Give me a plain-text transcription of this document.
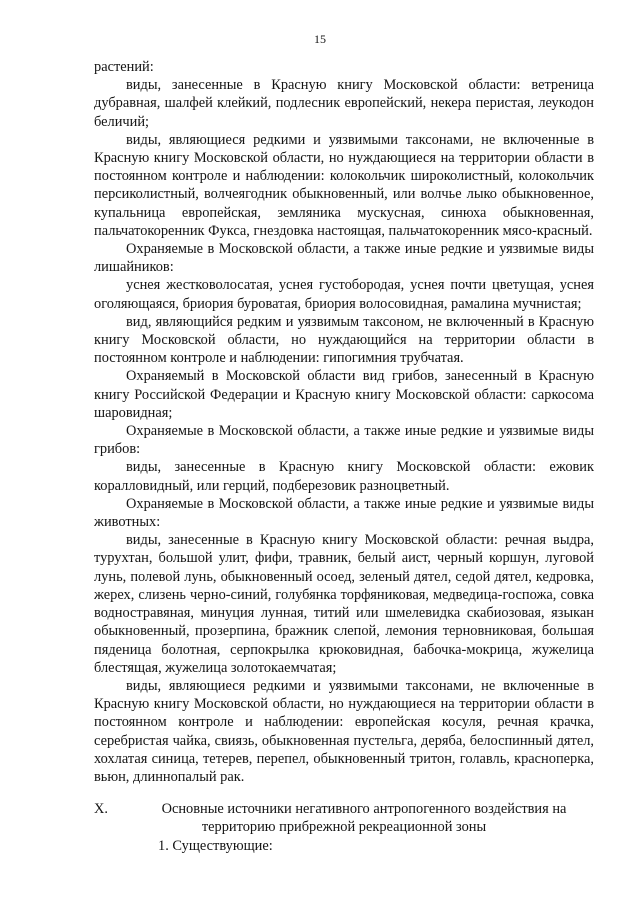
15

растений:

виды, занесенные в Красную книгу Московской области: ветреница дубравная, шалфей клейкий, подлесник европейский, некера перистая, леукодон беличий;

виды, являющиеся редкими и уязвимыми таксонами, не включенные в Красную книгу Московской области, но нуждающиеся на территории области в постоянном контроле и наблюдении: колокольчик широколистный, колокольчик персиколистный, волчеягодник обыкновенный, или волчье лыко обыкновенное, купальница европейская, земляника мускусная, синюха обыкновенная, пальчатокоренник Фукса, гнездовка настоящая, пальчатокоренник мясо-красный.

Охраняемые в Московской области, а также иные редкие и уязвимые виды лишайников:

уснея жестковолосатая, уснея густобородая, уснея почти цветущая, уснея оголяющаяся, бриория буроватая, бриория волосовидная, рамалина мучнистая;

вид, являющийся редким и уязвимым таксоном, не включенный в Красную книгу Московской области, но нуждающийся на территории области в постоянном контроле и наблюдении: гипогимния трубчатая.

Охраняемый в Московской области вид грибов, занесенный в Красную книгу Российской Федерации и Красную книгу Московской области: саркосома шаровидная;

Охраняемые в Московской области, а также иные редкие и уязвимые виды грибов:

виды, занесенные в Красную книгу Московской области: ежовик коралловидный, или герций, подберезовик разноцветный.

Охраняемые в Московской области, а также иные редкие и уязвимые виды животных:

виды, занесенные в Красную книгу Московской области: речная выдра, турухтан, большой улит, фифи, травник, белый аист, черный коршун, луговой лунь, полевой лунь, обыкновенный осоед, зеленый дятел, седой дятел, кедровка, жерех, слизень черно-синий, голубянка торфяниковая, медведица-госпожа, совка водностравяная, минуция лунная, титий или шмелевидка скабиозовая, языкан обыкновенный, прозерпина, бражник слепой, лемония терновниковая, большая пяденица болотная, серпокрылка крюковидная, бабочка-мокрица, жужелица блестящая, жужелица золотокаемчатая;

виды, являющиеся редкими и уязвимыми таксонами, не включенные в Красную книгу Московской области, но нуждающиеся на территории области в постоянном контроле и наблюдении: европейская косуля, речная крачка, серебристая чайка, свиязь, обыкновенная пустельга, деряба, белоспинный дятел, хохлатая синица, тетерев, перепел, обыкновенный тритон, голавль, красноперка, вьюн, длиннопалый рак.

X.	Основные источники негативного антропогенного воздействия на
территорию прибрежной рекреационной зоны

1. Существующие:
